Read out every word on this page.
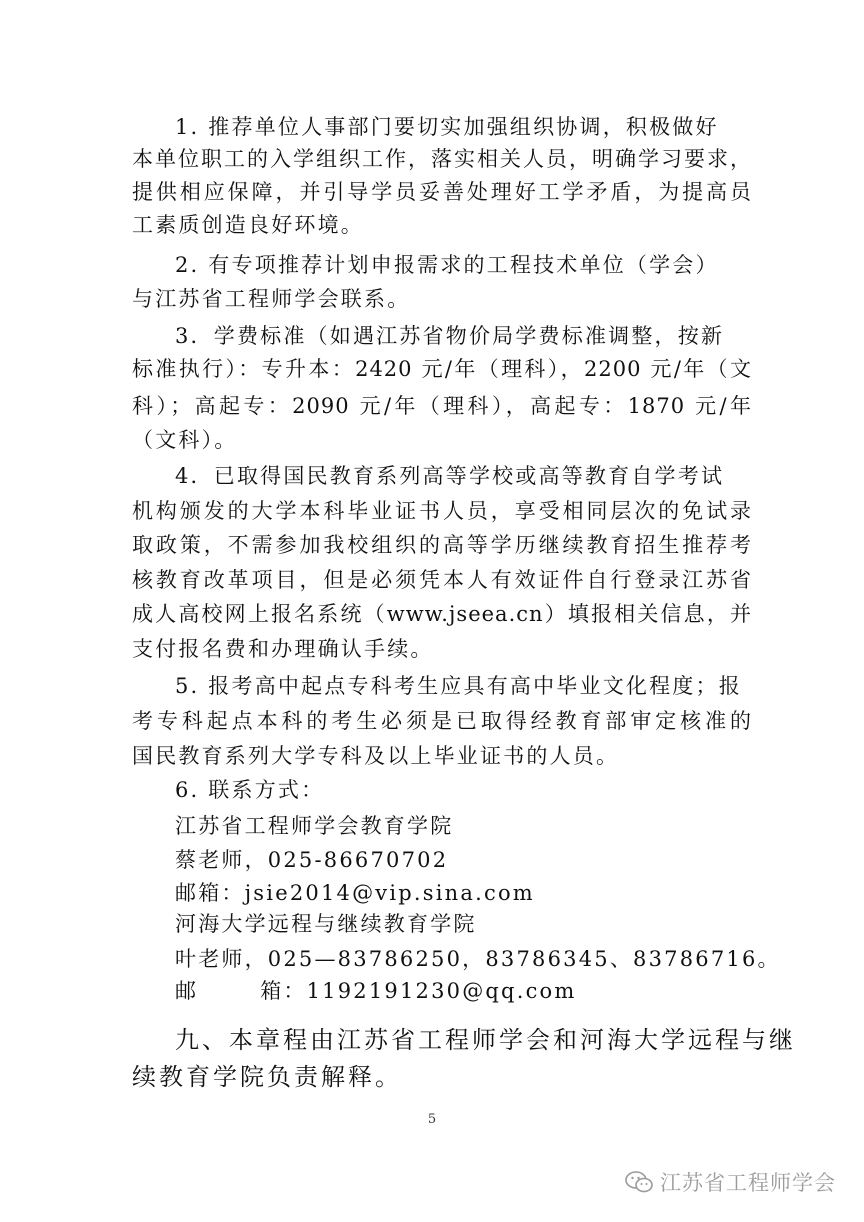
1. 推荐单位人事部门要切实加强组织协调，积极做好
本单位职工的入学组织工作，落实相关人员，明确学习要求，
提供相应保障，并引导学员妥善处理好工学矛盾，为提高员
工素质创造良好环境。
2. 有专项推荐计划申报需求的工程技术单位（学会）
与江苏省工程师学会联系。
3．学费标准（如遇江苏省物价局学费标准调整，按新
标准执行）：专升本：2420 元/年（理科），2200 元/年（文
科）；高起专：2090 元/年（理科），高起专：1870 元/年
（文科）。
4．已取得国民教育系列高等学校或高等教育自学考试
机构颁发的大学本科毕业证书人员，享受相同层次的免试录
取政策，不需参加我校组织的高等学历继续教育招生推荐考
核教育改革项目，但是必须凭本人有效证件自行登录江苏省
成人高校网上报名系统（www.jseea.cn）填报相关信息，并
支付报名费和办理确认手续。
5. 报考高中起点专科考生应具有高中毕业文化程度；报
考专科起点本科的考生必须是已取得经教育部审定核准的
国民教育系列大学专科及以上毕业证书的人员。
6. 联系方式：
江苏省工程师学会教育学院
蔡老师，025-86670702
邮箱：jsie2014@vip.sina.com
河海大学远程与继续教育学院
叶老师，025—83786250，83786345、83786716。
邮	箱：1192191230@qq.com
九、本章程由江苏省工程师学会和河海大学远程与继
续教育学院负责解释。
5
江苏省工程师学会
